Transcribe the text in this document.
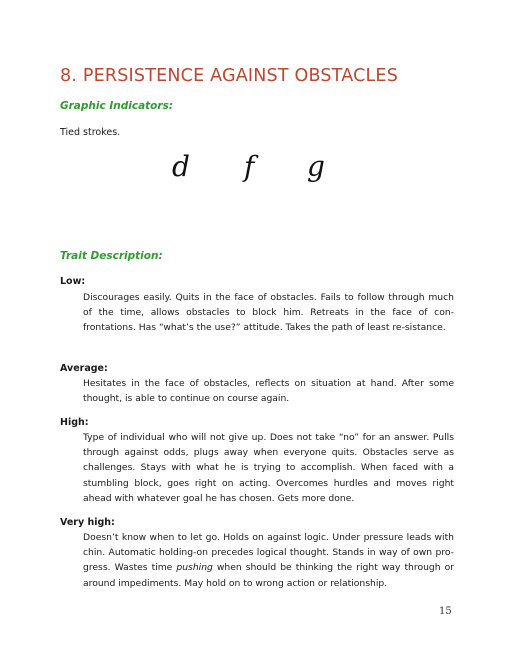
8. PERSISTENCE AGAINST OBSTACLES
Graphic Indicators:
Tied strokes.
d f g
Trait Description:
Low:
Discourages easily. Quits in the face of obstacles. Fails to follow through much of the time, allows obstacles to block him. Retreats in the face of con-frontations. Has “what’s the use?” attitude. Takes the path of least re-sistance.
Average:
Hesitates in the face of obstacles, reflects on situation at hand. After some thought, is able to continue on course again.
High:
Type of individual who will not give up. Does not take “no” for an answer. Pulls through against odds, plugs away when everyone quits. Obstacles serve as challenges. Stays with what he is trying to accomplish. When faced with a stumbling block, goes right on acting. Overcomes hurdles and moves right ahead with whatever goal he has chosen. Gets more done.
Very high:
Doesn’t know when to let go. Holds on against logic. Under pressure leads with chin. Automatic holding-on precedes logical thought. Stands in way of own pro-gress. Wastes time pushing when should be thinking the right way through or around impediments. May hold on to wrong action or relationship.
15
